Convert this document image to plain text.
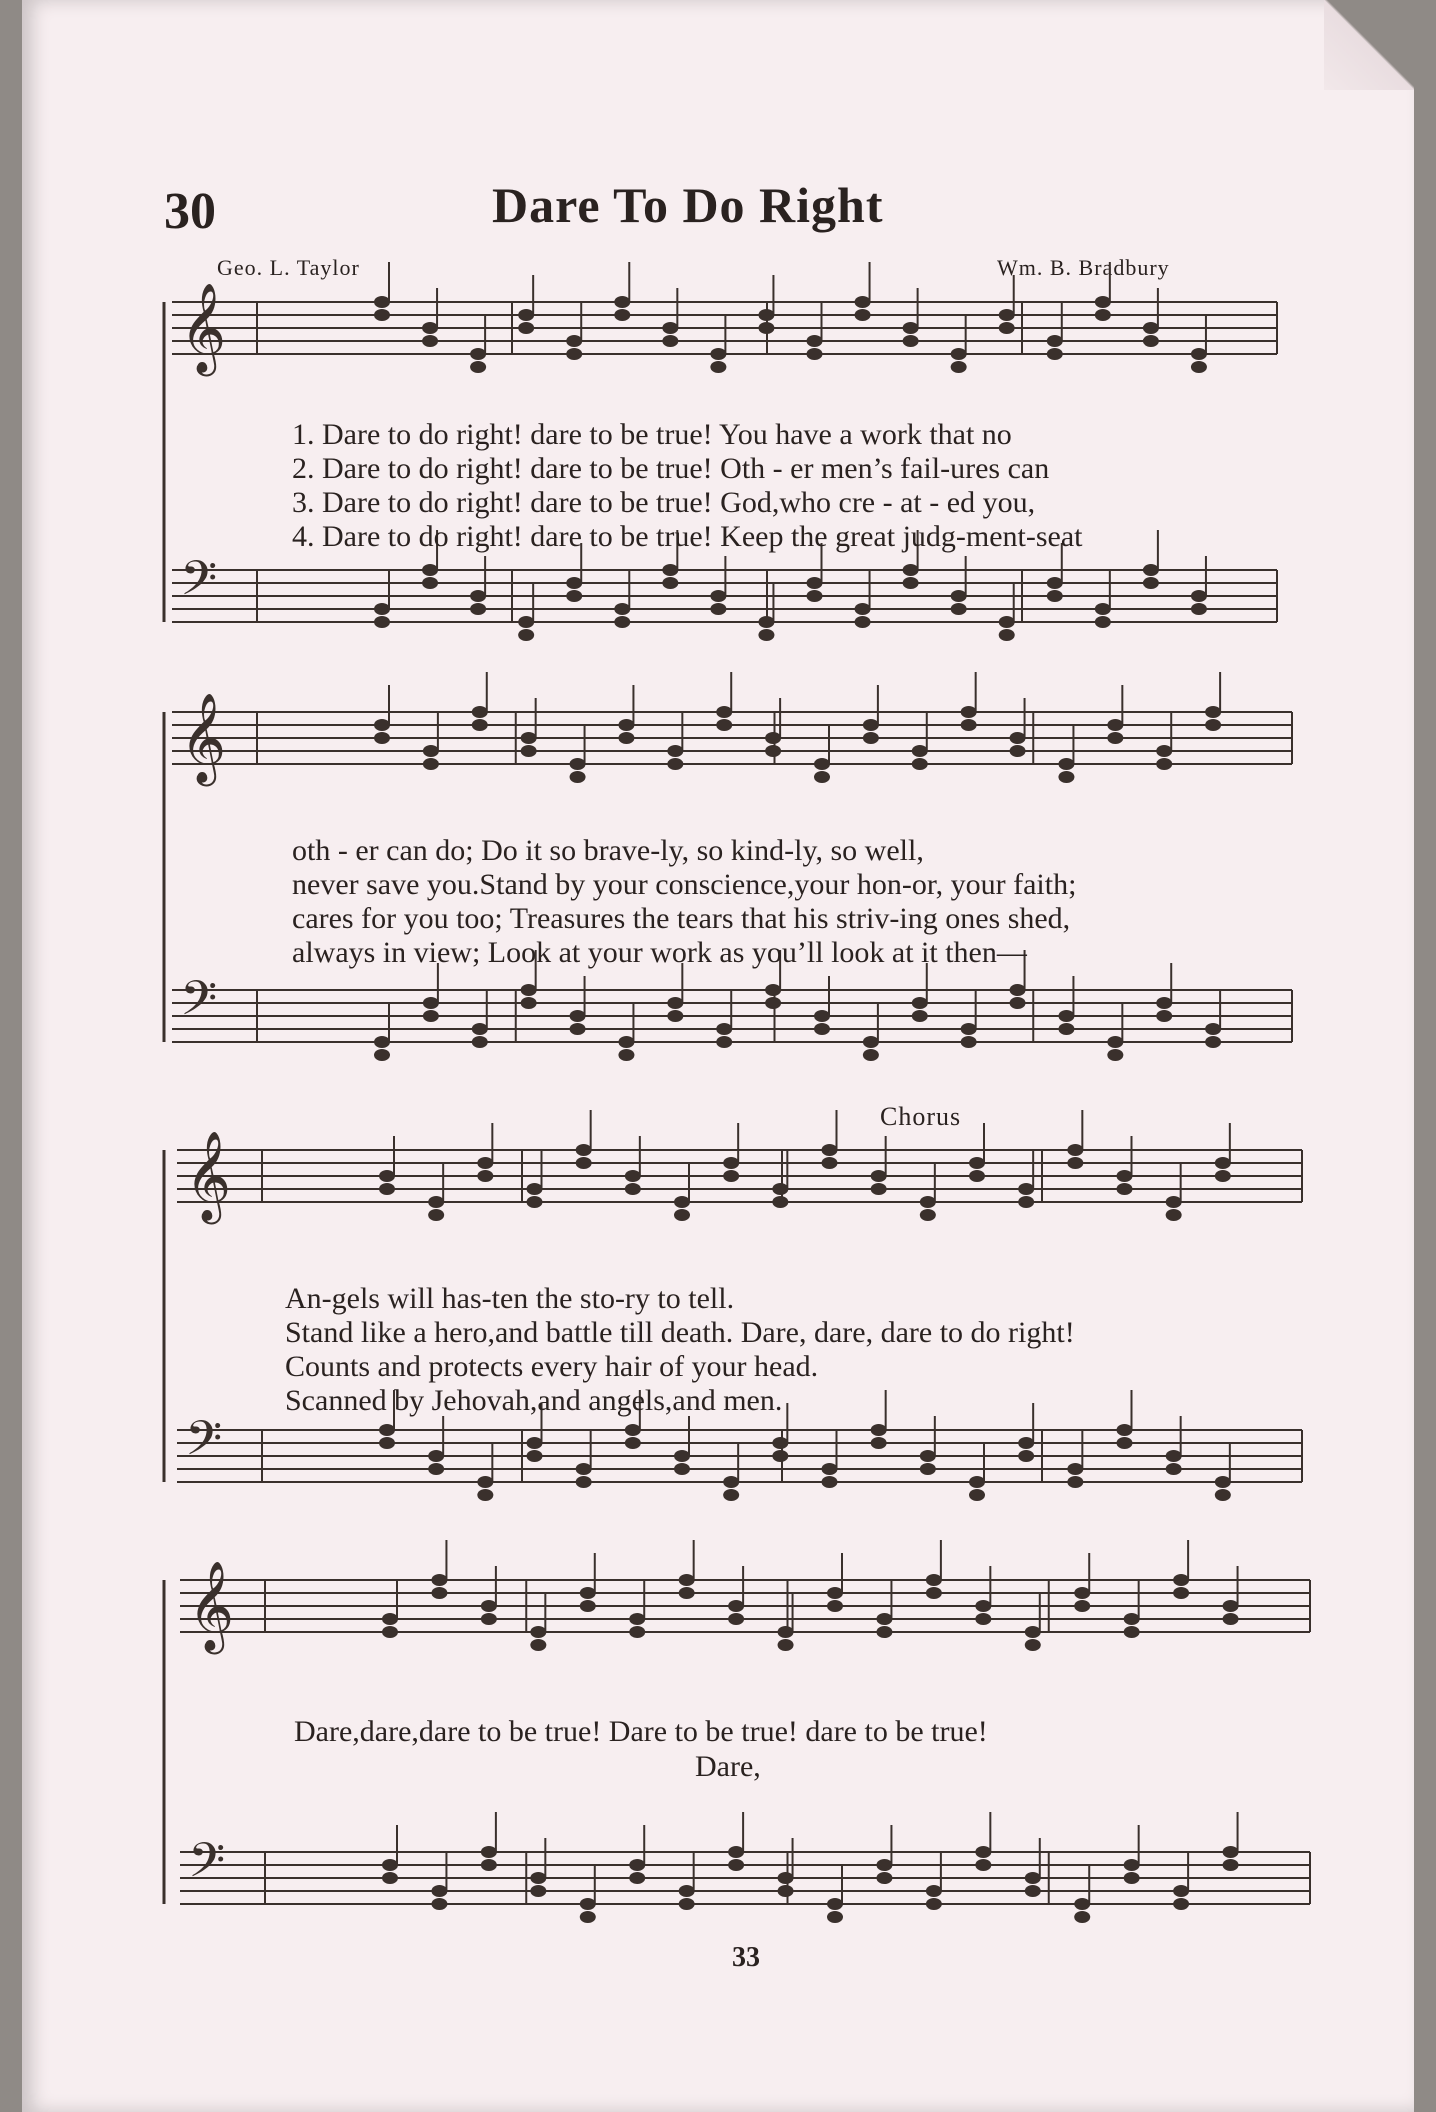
30	Dare To Do Right
Geo. L. Taylor	Wm. B. Bradbury
𝄞
𝄢
𝄞
𝄢
𝄞
𝄢
𝄞
𝄢
1. Dare to do right! dare to be true! You have a work that no
2. Dare to do right! dare to be true! Oth - er men’s fail-ures can
3. Dare to do right! dare to be true! God,who cre - at - ed you,
4. Dare to do right! dare to be true! Keep the great judg-ment-seat
oth - er can do; Do it so brave-ly, so kind-ly, so well,
never save you.Stand by your conscience,your hon-or, your faith;
cares for you too; Treasures the tears that his striv-ing ones shed,
always in view; Look at your work as you’ll look at it then—
Chorus
An-gels will has-ten the sto-ry to tell.
Stand like a hero,and battle till death. Dare, dare, dare to do right!
Counts and protects every hair of your head.
Scanned by Jehovah,and angels,and men.
Dare,dare,dare to be true! Dare to be true! dare to be true!
Dare,
33
